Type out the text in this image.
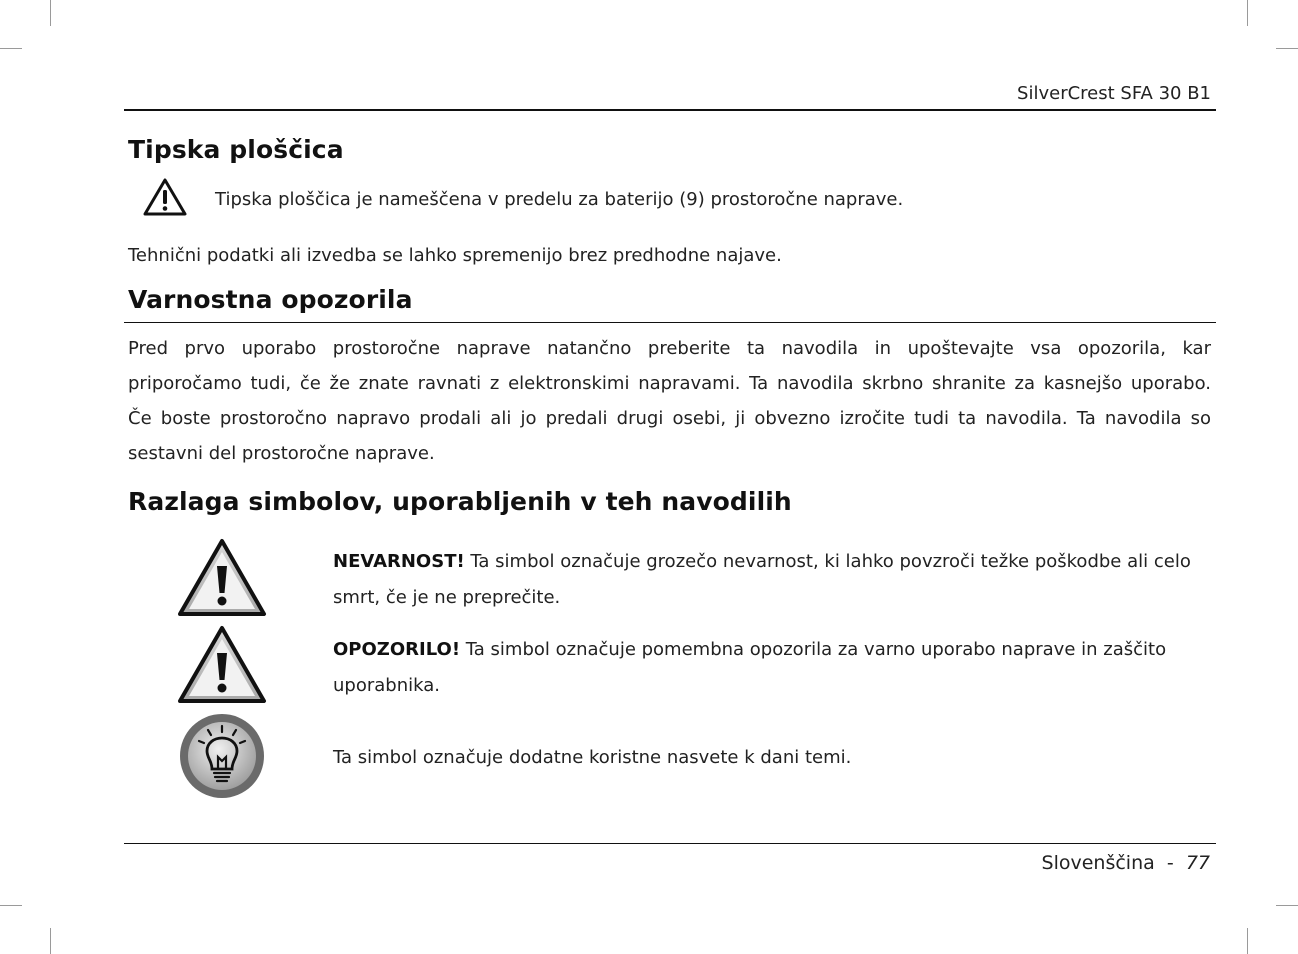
SilverCrest SFA 30 B1
Tipska ploščica
Tipska ploščica je nameščena v predelu za baterijo (9) prostoročne naprave.
Tehnični podatki ali izvedba se lahko spremenijo brez predhodne najave.
Varnostna opozorila
Pred prvo uporabo prostoročne naprave natančno preberite ta navodila in upoštevajte vsa opozorila, kar
priporočamo tudi, če že znate ravnati z elektronskimi napravami. Ta navodila skrbno shranite za kasnejšo uporabo.
Če boste prostoročno napravo prodali ali jo predali drugi osebi, ji obvezno izročite tudi ta navodila. Ta navodila so
sestavni del prostoročne naprave.
Razlaga simbolov, uporabljenih v teh navodilih
NEVARNOST! Ta simbol označuje grozečo nevarnost, ki lahko povzroči težke poškodbe ali celo smrt, če je ne preprečite.
OPOZORILO! Ta simbol označuje pomembna opozorila za varno uporabo naprave in zaščito uporabnika.
Ta simbol označuje dodatne koristne nasvete k dani temi.
Slovenščina - 77
